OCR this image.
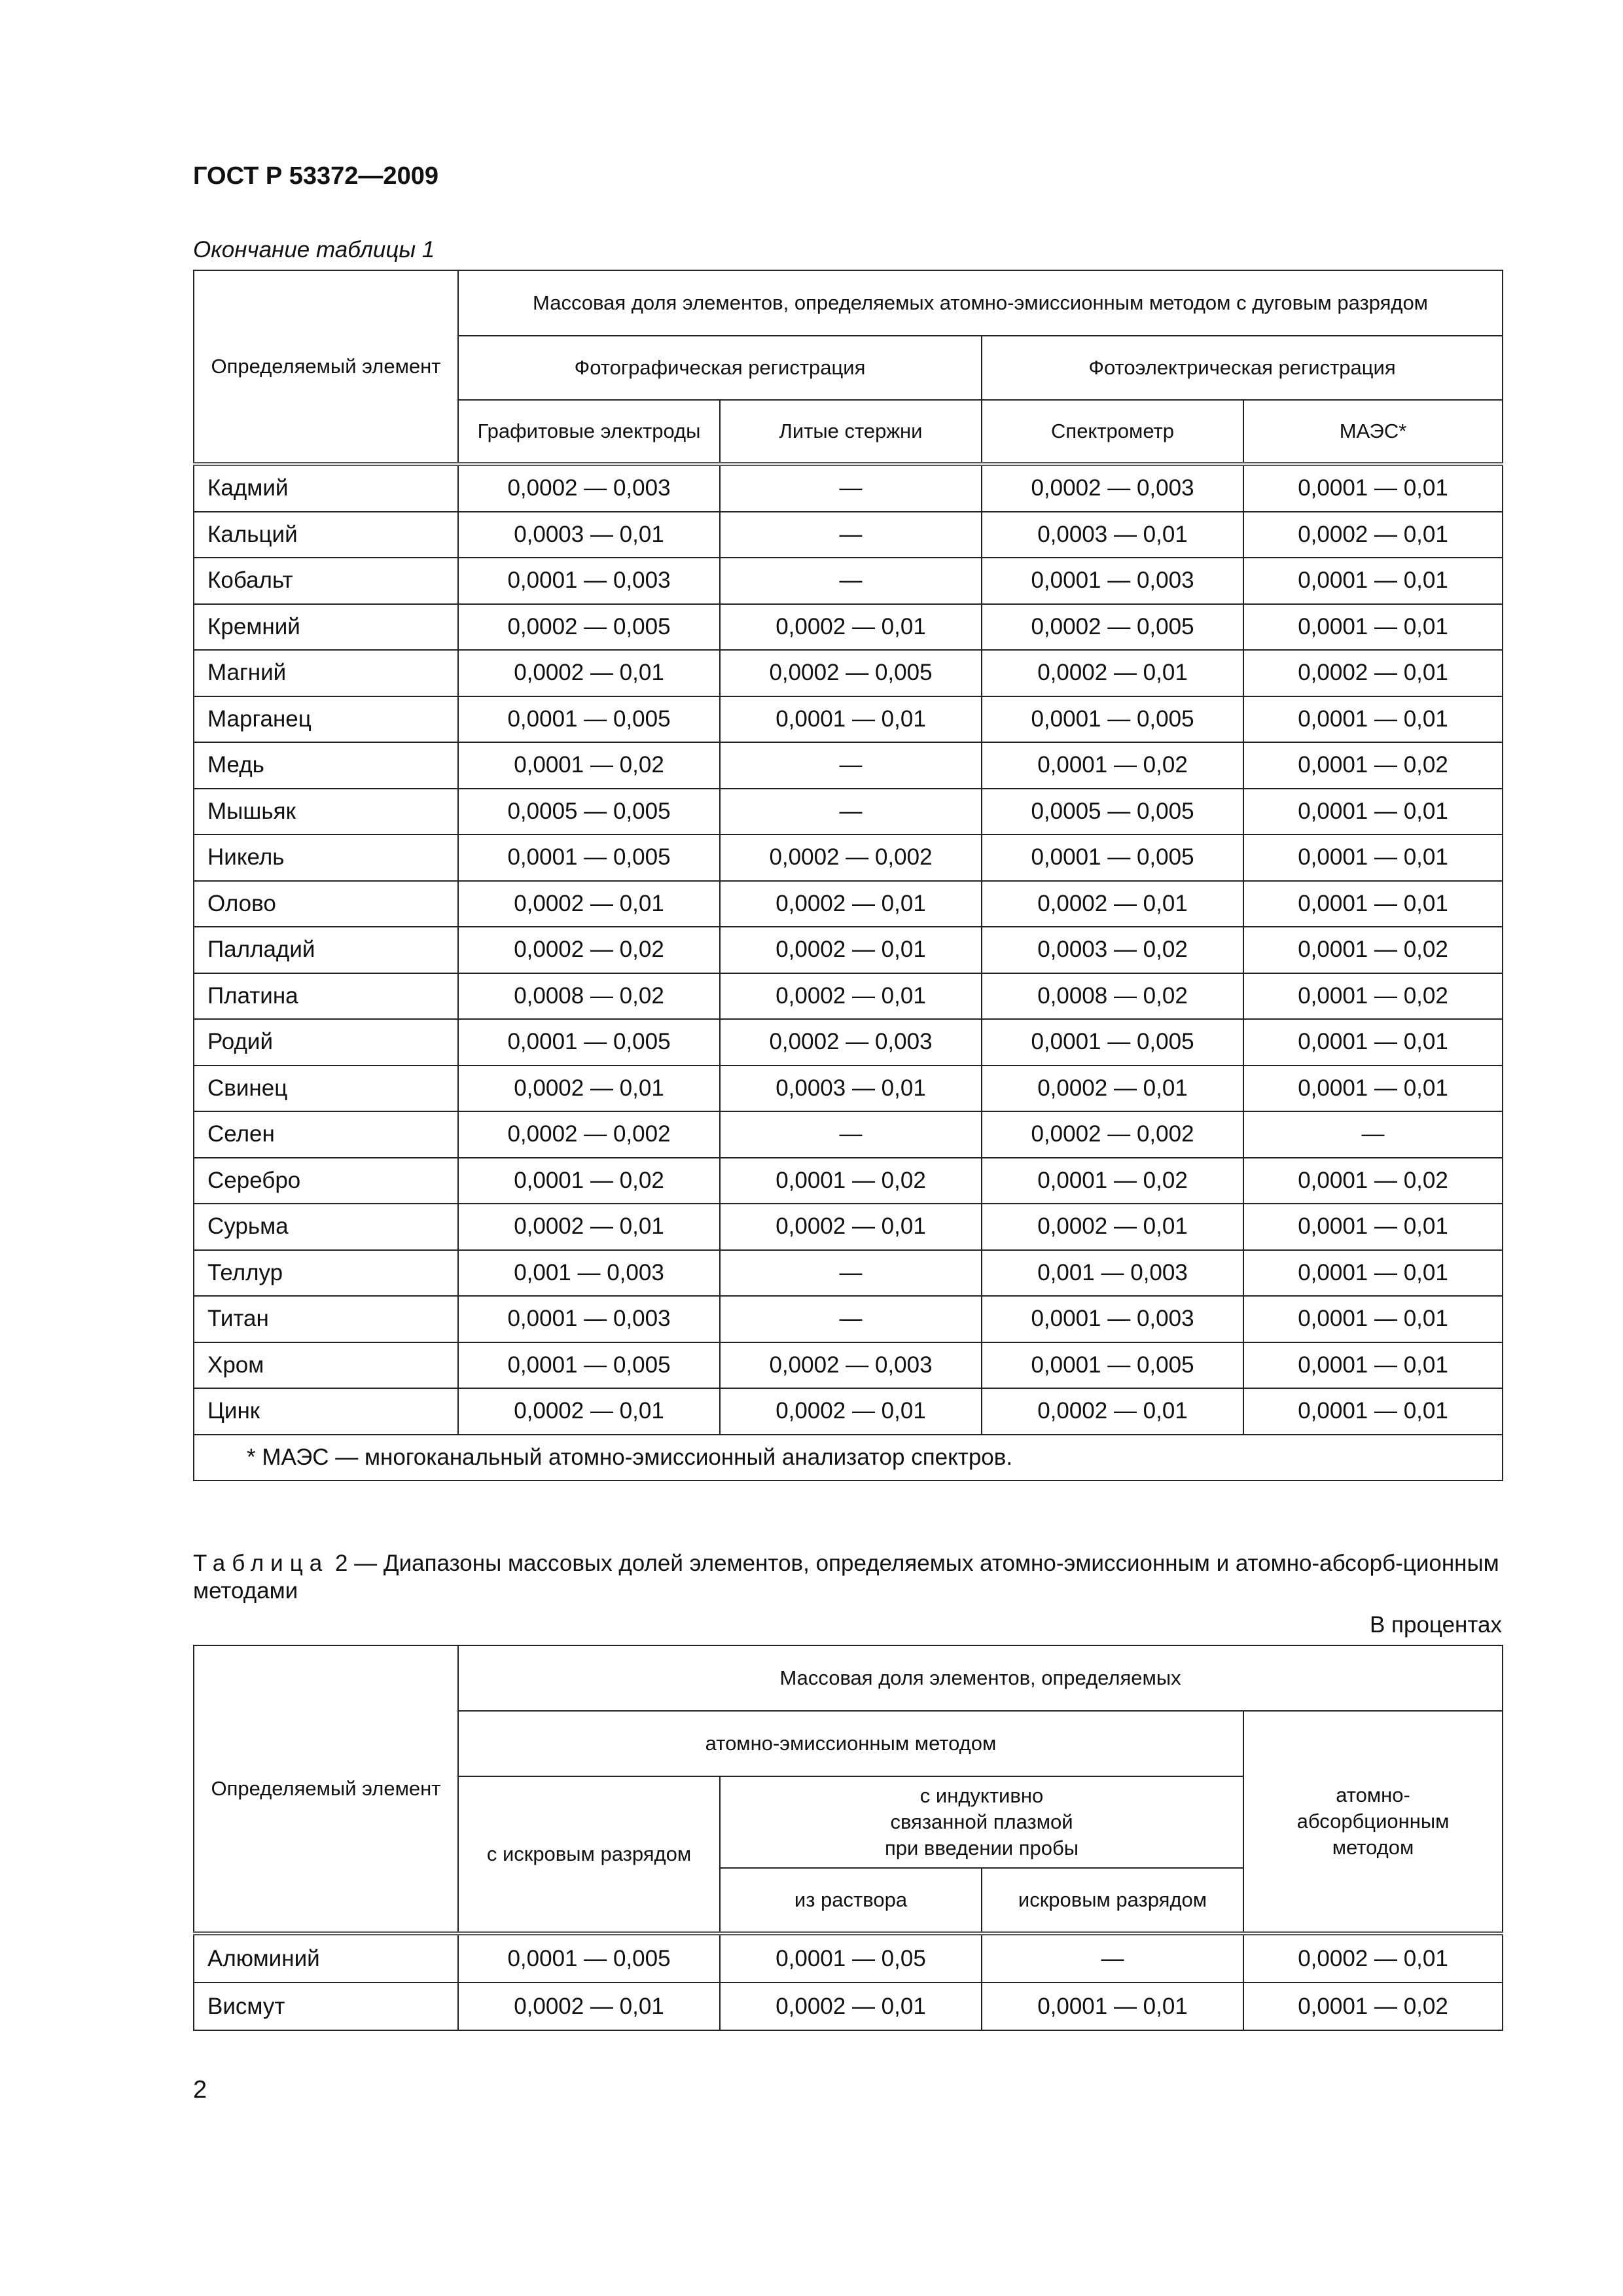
ГОСТ Р 53372—2009
Окончание таблицы 1
Определяемый элемент	Массовая доля элементов, определяемых атомно-эмиссионным методом с дуговым разрядом			
	Фотографическая регистрация		Фотоэлектрическая регистрация	
	Графитовые электроды	Литые стержни	Спектрометр	МАЭС*
Кадмий	0,0002 — 0,003	—	0,0002 — 0,003	0,0001 — 0,01
Кальций	0,0003 — 0,01	—	0,0003 — 0,01	0,0002 — 0,01
Кобальт	0,0001 — 0,003	—	0,0001 — 0,003	0,0001 — 0,01
Кремний	0,0002 — 0,005	0,0002 — 0,01	0,0002 — 0,005	0,0001 — 0,01
Магний	0,0002 — 0,01	0,0002 — 0,005	0,0002 — 0,01	0,0002 — 0,01
Марганец	0,0001 — 0,005	0,0001 — 0,01	0,0001 — 0,005	0,0001 — 0,01
Медь	0,0001 — 0,02	—	0,0001 — 0,02	0,0001 — 0,02
Мышьяк	0,0005 — 0,005	—	0,0005 — 0,005	0,0001 — 0,01
Никель	0,0001 — 0,005	0,0002 — 0,002	0,0001 — 0,005	0,0001 — 0,01
Олово	0,0002 — 0,01	0,0002 — 0,01	0,0002 — 0,01	0,0001 — 0,01
Палладий	0,0002 — 0,02	0,0002 — 0,01	0,0003 — 0,02	0,0001 — 0,02
Платина	0,0008 — 0,02	0,0002 — 0,01	0,0008 — 0,02	0,0001 — 0,02
Родий	0,0001 — 0,005	0,0002 — 0,003	0,0001 — 0,005	0,0001 — 0,01
Свинец	0,0002 — 0,01	0,0003 — 0,01	0,0002 — 0,01	0,0001 — 0,01
Селен	0,0002 — 0,002	—	0,0002 — 0,002	—
Серебро	0,0001 — 0,02	0,0001 — 0,02	0,0001 — 0,02	0,0001 — 0,02
Сурьма	0,0002 — 0,01	0,0002 — 0,01	0,0002 — 0,01	0,0001 — 0,01
Теллур	0,001 — 0,003	—	0,001 — 0,003	0,0001 — 0,01
Титан	0,0001 — 0,003	—	0,0001 — 0,003	0,0001 — 0,01
Хром	0,0001 — 0,005	0,0002 — 0,003	0,0001 — 0,005	0,0001 — 0,01
Цинк	0,0002 — 0,01	0,0002 — 0,01	0,0002 — 0,01	0,0001 — 0,01
* МАЭС — многоканальный атомно-эмиссионный анализатор спектров.				
Таблица 2 — Диапазоны массовых долей элементов, определяемых атомно-эмиссионным и атомно-абсорб-ционным методами
В процентах
Определяемый элемент	Массовая доля элементов, определяемых			
	атомно-эмиссионным методом			атомно-абсорбционным методом
	с искровым разрядом	с индуктивно связанной плазмой при введении пробы		
		из раствора	искровым разрядом	
Алюминий	0,0001 — 0,005	0,0001 — 0,05	—	0,0002 — 0,01
Висмут	0,0002 — 0,01	0,0002 — 0,01	0,0001 — 0,01	0,0001 — 0,02
2
